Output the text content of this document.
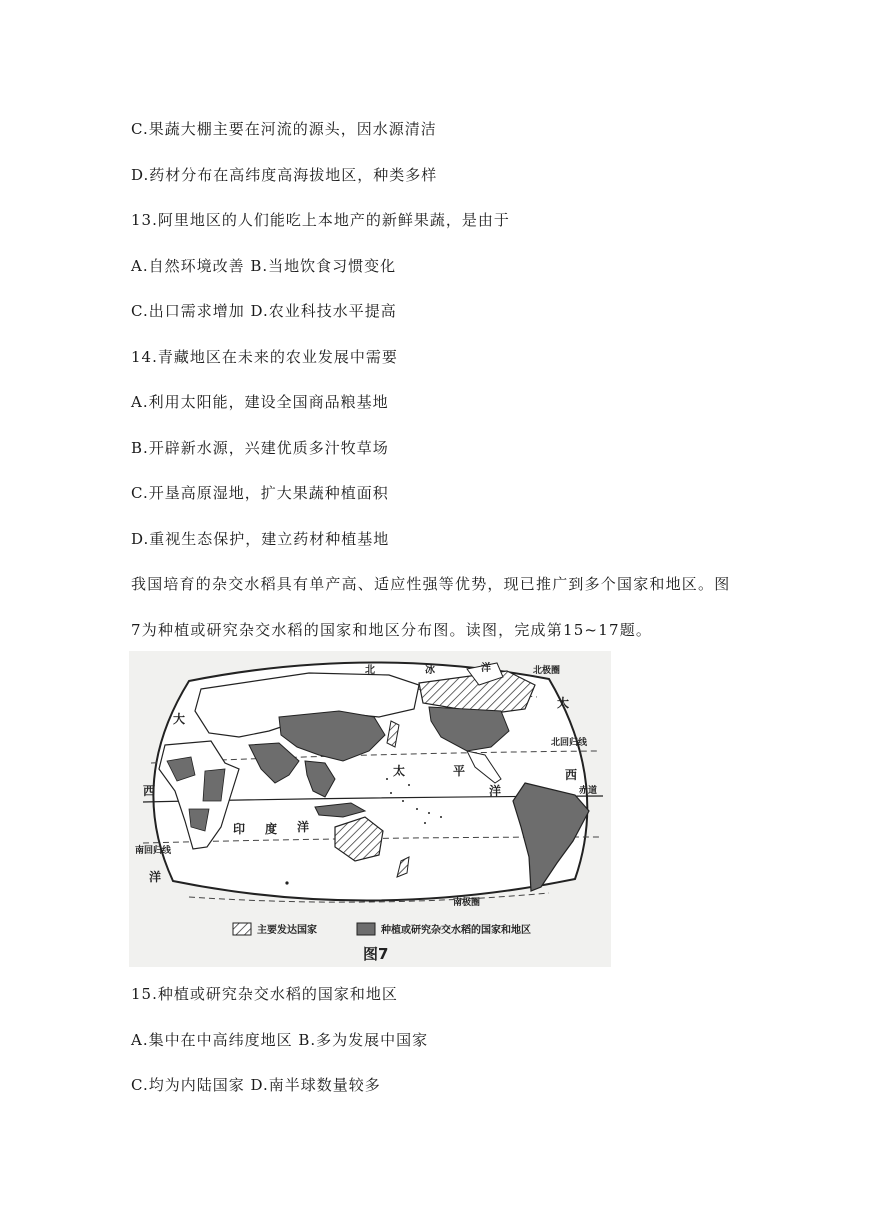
C.果蔬大棚主要在河流的源头，因水源清洁
D.药材分布在高纬度高海拔地区，种类多样
13.阿里地区的人们能吃上本地产的新鲜果蔬，是由于
A.自然环境改善 B.当地饮食习惯变化
C.出口需求增加 D.农业科技水平提高
14.青藏地区在未来的农业发展中需要
A.利用太阳能，建设全国商品粮基地
B.开辟新水源，兴建优质多汁牧草场
C.开垦高原湿地，扩大果蔬种植面积
D.重视生态保护，建立药材种植基地
我国培育的杂交水稻具有单产高、适应性强等优势，现已推广到多个国家和地区。图
7为种植或研究杂交水稻的国家和地区分布图。读图，完成第15~17题。
北	冰	洋
大
大
西
西
太	平
洋
印 度 洋
洋
北回归线
南回归线
赤道
北极圈
南极圈
主要发达国家	种植或研究杂交水稻的国家和地区
图7
15.种植或研究杂交水稻的国家和地区
A.集中在中高纬度地区 B.多为发展中国家
C.均为内陆国家 D.南半球数量较多
